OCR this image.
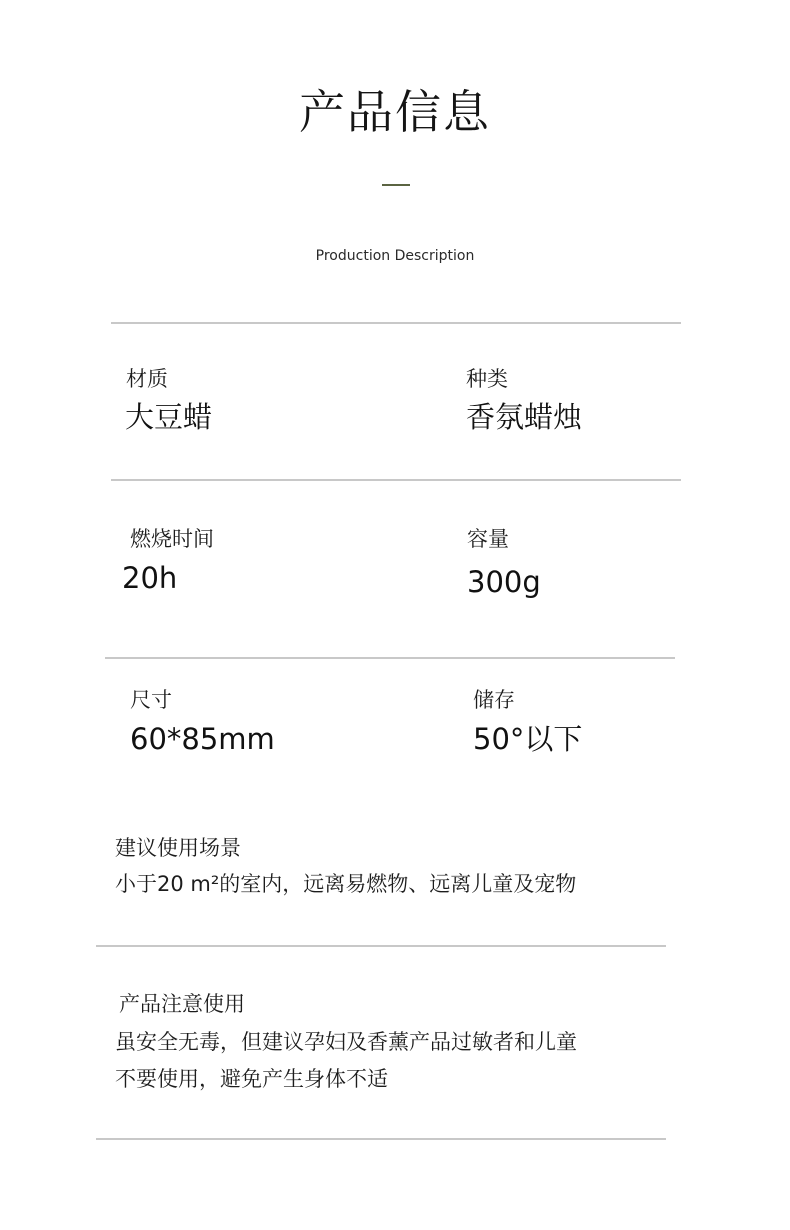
产品信息
Production Description
材质
大豆蜡
种类
香氛蜡烛
燃烧时间
20h
容量
300g
尺寸
60*85mm
储存
50°以下
建议使用场景
小于20 m²的室内，远离易燃物、远离儿童及宠物
产品注意使用
虽安全无毒，但建议孕妇及香薰产品过敏者和儿童
不要使用，避免产生身体不适
